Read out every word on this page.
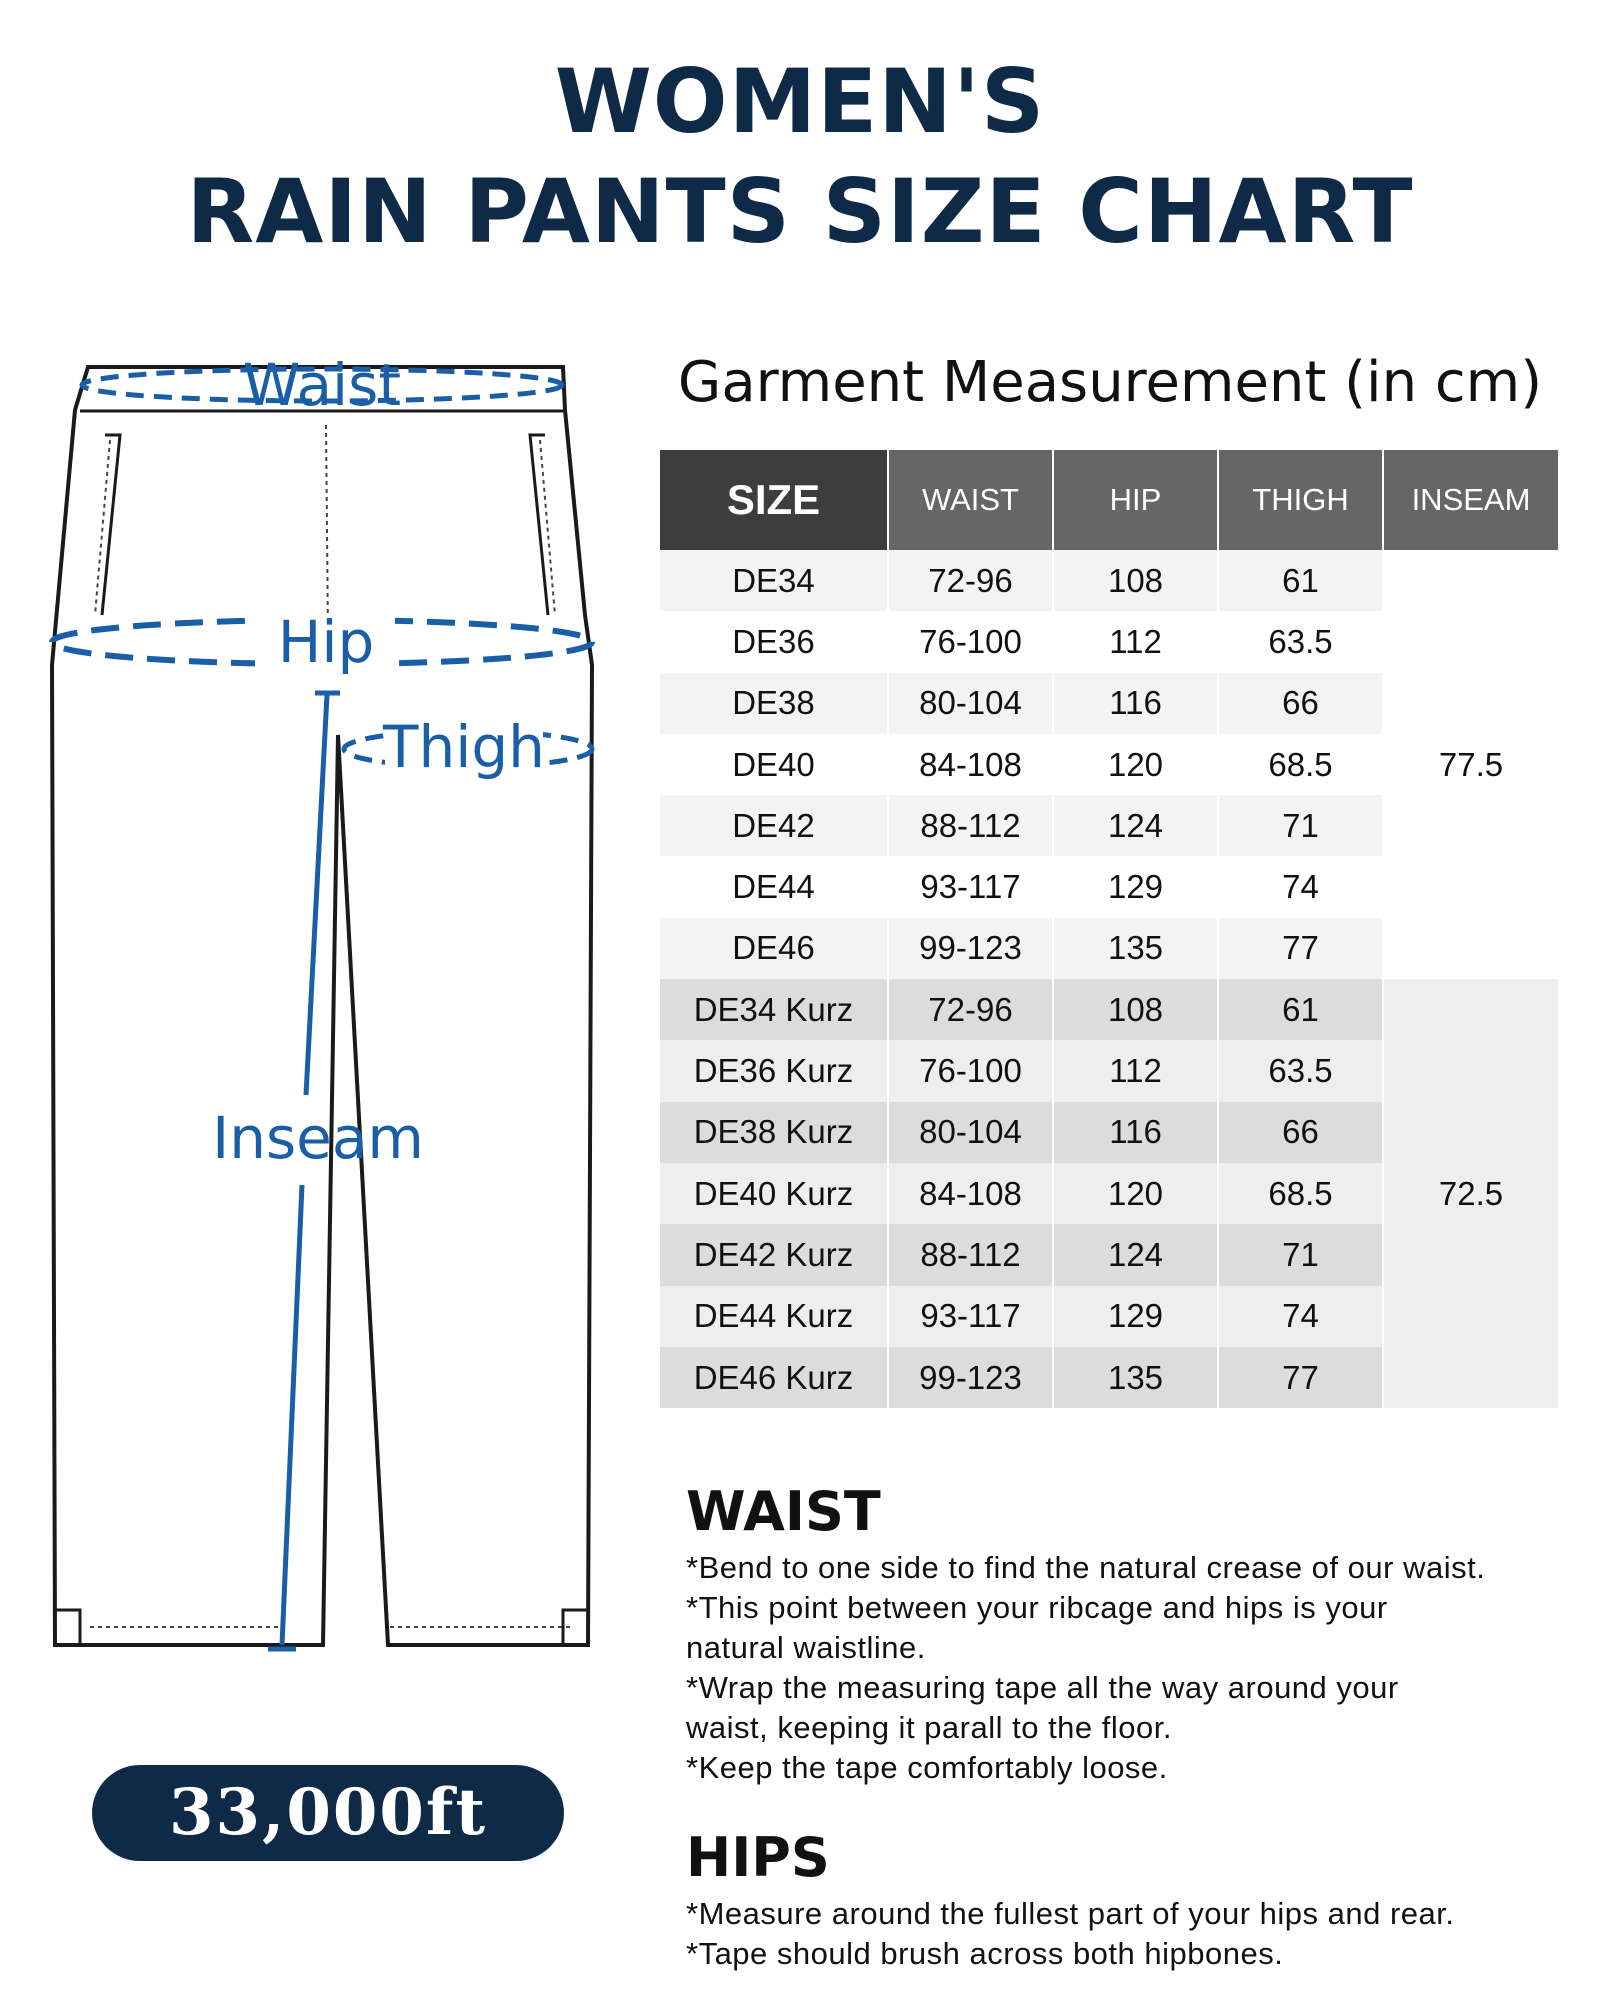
WOMEN'S
RAIN PANTS SIZE CHART
Waist
Hip
Thigh
Inseam
Garment Measurement (in cm)
SIZE	WAIST	HIP	THIGH	INSEAM
DE34	72-96	108	61	77.5
DE36	76-100	112	63.5	
DE38	80-104	116	66	
DE40	84-108	120	68.5	
DE42	88-112	124	71	
DE44	93-117	129	74	
DE46	99-123	135	77	
DE34 Kurz	72-96	108	61	72.5
DE36 Kurz	76-100	112	63.5	
DE38 Kurz	80-104	116	66	
DE40 Kurz	84-108	120	68.5	
DE42 Kurz	88-112	124	71	
DE44 Kurz	93-117	129	74	
DE46 Kurz	99-123	135	77	
WAIST
*Bend to one side to find the natural crease of our waist.
*This point between your ribcage and hips is your
natural waistline.
*Wrap the measuring tape all the way around your
waist, keeping it parall to the floor.
*Keep the tape comfortably loose.
HIPS
*Measure around the fullest part of your hips and rear.
*Tape should brush across both hipbones.
33,000ft
